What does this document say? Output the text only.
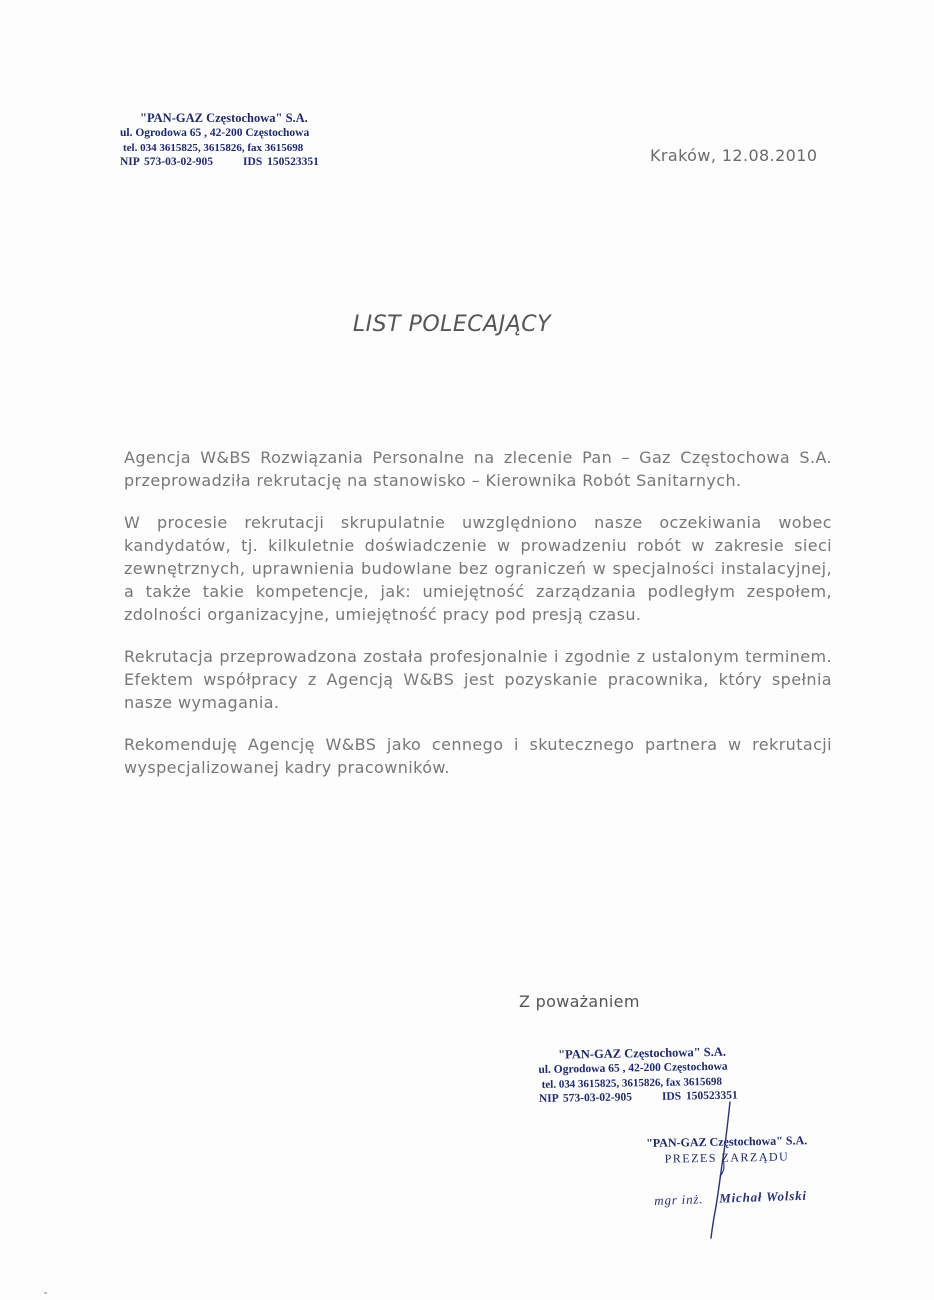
"PAN-GAZ Częstochowa" S.A.
ul. Ogrodowa 65 , 42-200 Częstochowa
tel. 034 3615825, 3615826, fax 3615698
NIP 573-03-02-905	IDS 150523351	Kraków, 12.08.2010
LIST POLECAJĄCY

Agencja W&BS Rozwiązania Personalne na zlecenie Pan – Gaz Częstochowa S.A. przeprowadziła rekrutację na stanowisko – Kierownika Robót Sanitarnych.

W procesie rekrutacji skrupulatnie uwzględniono nasze oczekiwania wobec kandydatów, tj. kilkuletnie doświadczenie w prowadzeniu robót w zakresie sieci zewnętrznych, uprawnienia budowlane bez ograniczeń w specjalności instalacyjnej, a także takie kompetencje, jak: umiejętność zarządzania podległym zespołem, zdolności organizacyjne, umiejętność pracy pod presją czasu.

Rekrutacja przeprowadzona została profesjonalnie i zgodnie z ustalonym terminem. Efektem współpracy z Agencją W&BS jest pozyskanie pracownika, który spełnia nasze wymagania.

Rekomenduję Agencję W&BS jako cennego i skutecznego partnera w rekrutacji wyspecjalizowanej kadry pracowników.

Z poważaniem
"PAN-GAZ Częstochowa" S.A.
ul. Ogrodowa 65 , 42-200 Częstochowa
tel. 034 3615825, 3615826, fax 3615698
NIP 573-03-02-905	IDS 150523351
"PAN-GAZ Częstochowa" S.A.
PREZES ZARZĄDU
mgr inż. Michał Wolski
